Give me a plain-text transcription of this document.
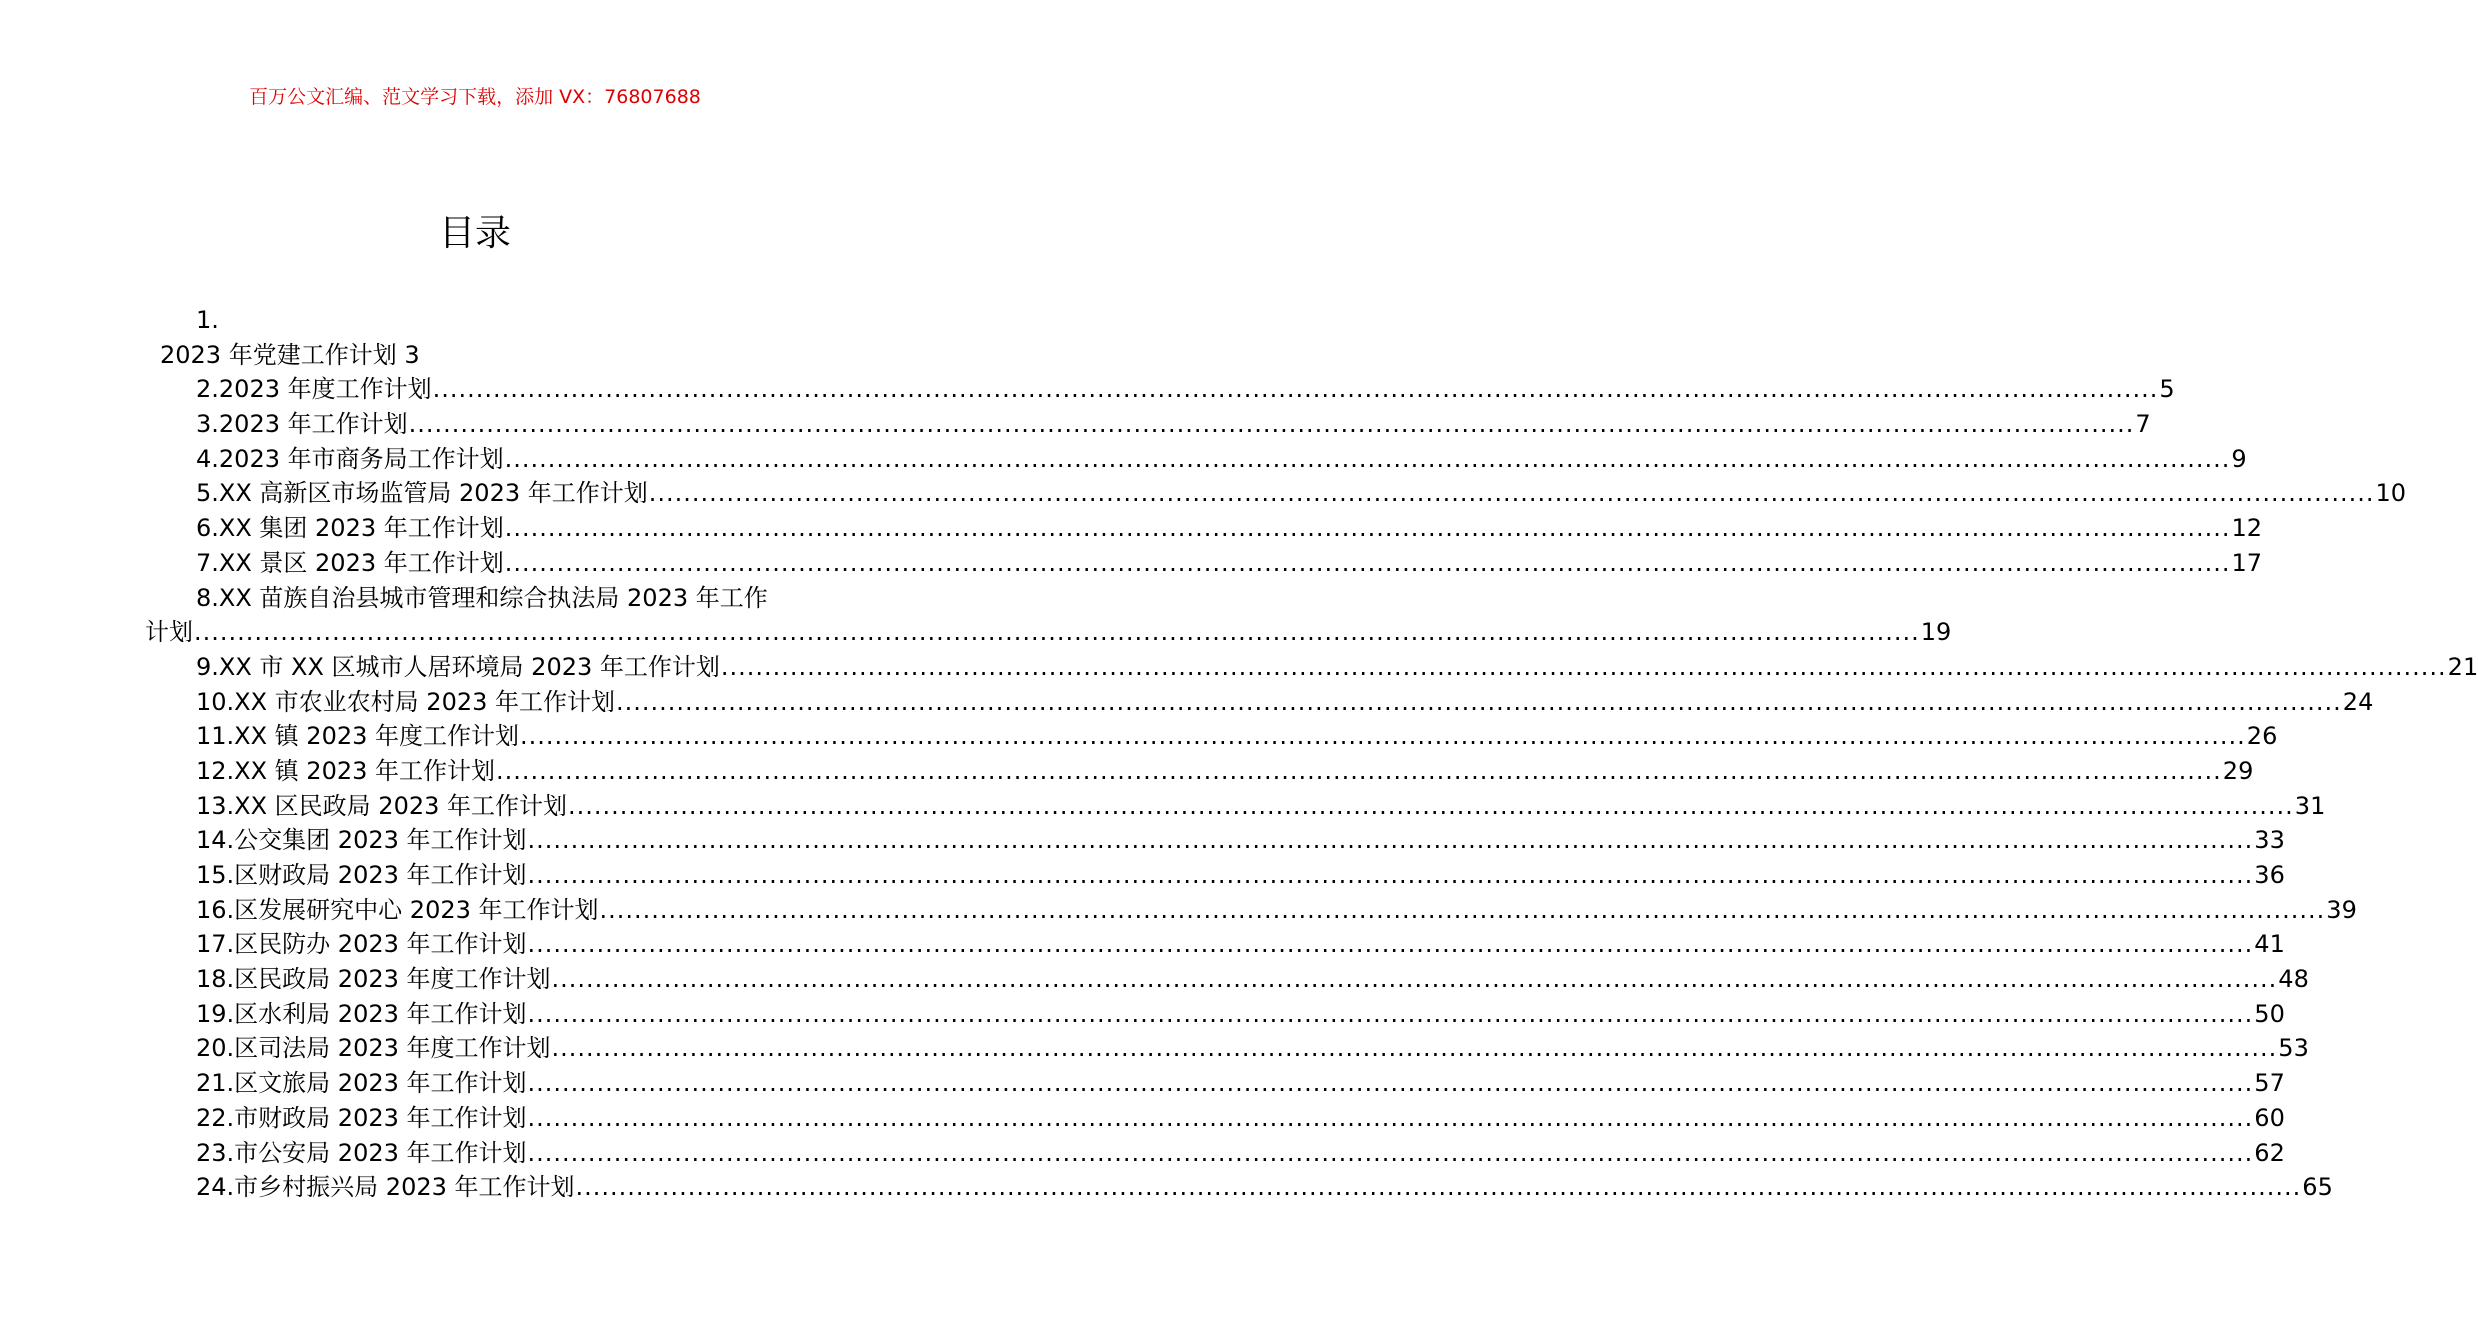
百万公文汇编、范文学习下载，添加 VX：76807688
目录
1.
2023 年党建工作计划 3
2.2023 年度工作计划 ........................................................................................................................................................................................................ 5
3.2023 年工作计划 ........................................................................................................................................................................................................ 7
4.2023 年市商务局工作计划 ........................................................................................................................................................................................................ 9
5.XX 高新区市场监管局 2023 年工作计划 ........................................................................................................................................................................................................ 10
6.XX 集团 2023 年工作计划 ........................................................................................................................................................................................................ 12
7.XX 景区 2023 年工作计划 ........................................................................................................................................................................................................ 17
8.XX 苗族自治县城市管理和综合执法局 2023 年工作
计划 ........................................................................................................................................................................................................ 19
9.XX 市 XX 区城市人居环境局 2023 年工作计划 ........................................................................................................................................................................................................ 21
10.XX 市农业农村局 2023 年工作计划 ........................................................................................................................................................................................................ 24
11.XX 镇 2023 年度工作计划 ........................................................................................................................................................................................................ 26
12.XX 镇 2023 年工作计划 ........................................................................................................................................................................................................ 29
13.XX 区民政局 2023 年工作计划 ........................................................................................................................................................................................................ 31
14.公交集团 2023 年工作计划 ........................................................................................................................................................................................................ 33
15.区财政局 2023 年工作计划 ........................................................................................................................................................................................................ 36
16.区发展研究中心 2023 年工作计划 ........................................................................................................................................................................................................ 39
17.区民防办 2023 年工作计划 ........................................................................................................................................................................................................ 41
18.区民政局 2023 年度工作计划 ........................................................................................................................................................................................................ 48
19.区水利局 2023 年工作计划 ........................................................................................................................................................................................................ 50
20.区司法局 2023 年度工作计划 ........................................................................................................................................................................................................ 53
21.区文旅局 2023 年工作计划 ........................................................................................................................................................................................................ 57
22.市财政局 2023 年工作计划 ........................................................................................................................................................................................................ 60
23.市公安局 2023 年工作计划 ........................................................................................................................................................................................................ 62
24.市乡村振兴局 2023 年工作计划 ........................................................................................................................................................................................................ 65
